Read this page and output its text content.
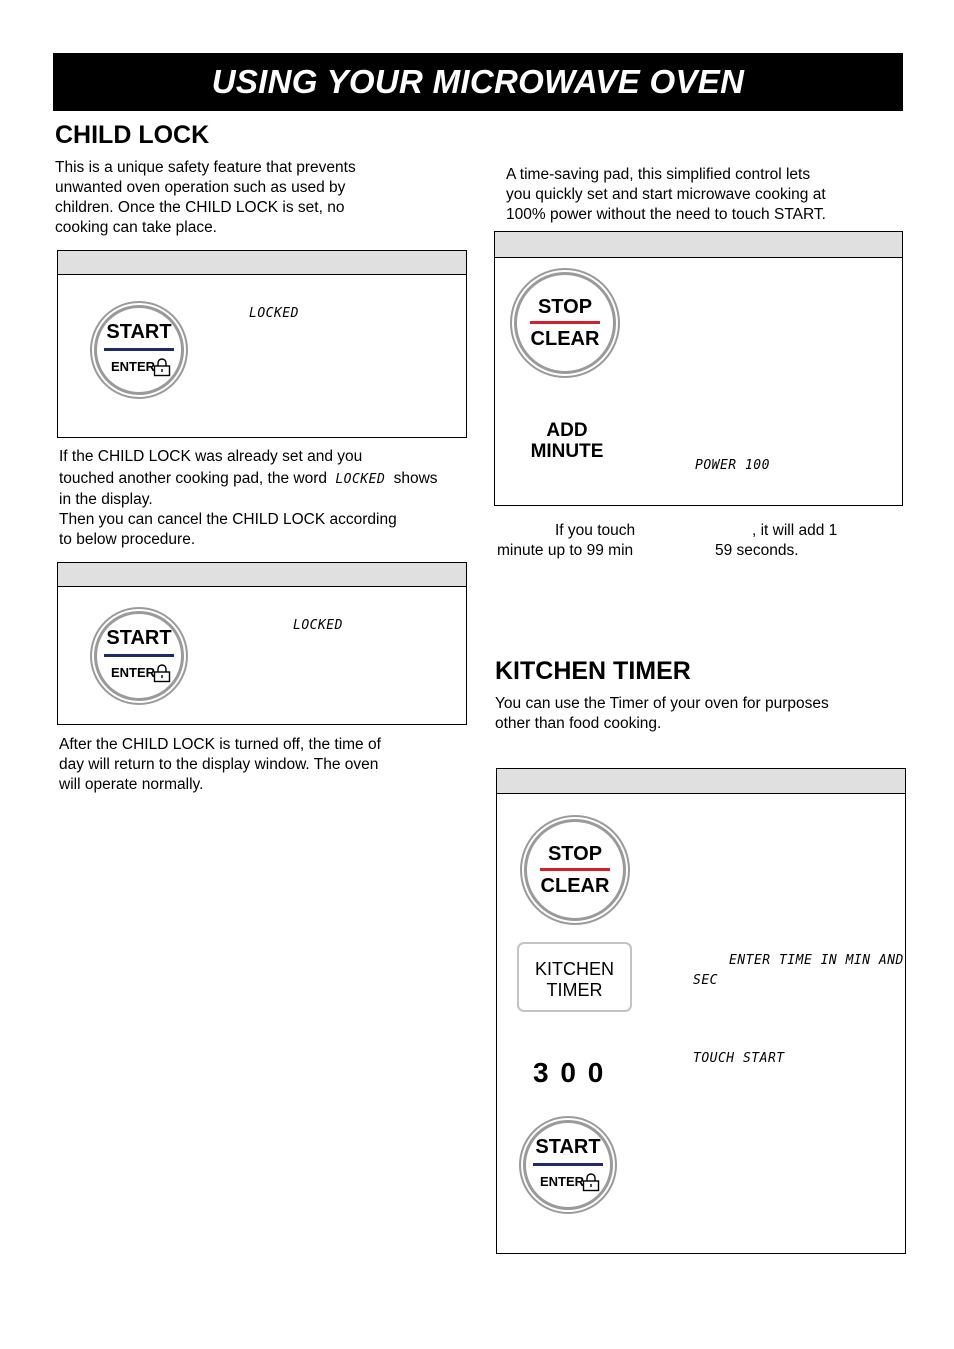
USING YOUR MICROWAVE OVEN
CHILD LOCK
This is a unique safety feature that prevents
unwanted oven operation such as used by
children. Once the CHILD LOCK is set, no
cooking can take place.
START
ENTER
LOCKED
If the CHILD LOCK was already set and you
touched another cooking pad, the word LOCKED shows
in the display.
Then you can cancel the CHILD LOCK according
to below procedure.
START
ENTER
LOCKED
After the CHILD LOCK is turned off, the time of
day will return to the display window. The oven
will operate normally.
A time-saving pad, this simplified control lets
you quickly set and start microwave cooking at
100% power without the need to touch START.
STOP
CLEAR
ADD
MINUTE
POWER 100
If you touch	, it will add 1
minute up to 99 min	59 seconds.
KITCHEN TIMER
You can use the Timer of your oven for purposes
other than food cooking.
STOP
CLEAR
KITCHEN
TIMER
ENTER TIME IN MIN AND
SEC
3 0 0	TOUCH START
START
ENTER
